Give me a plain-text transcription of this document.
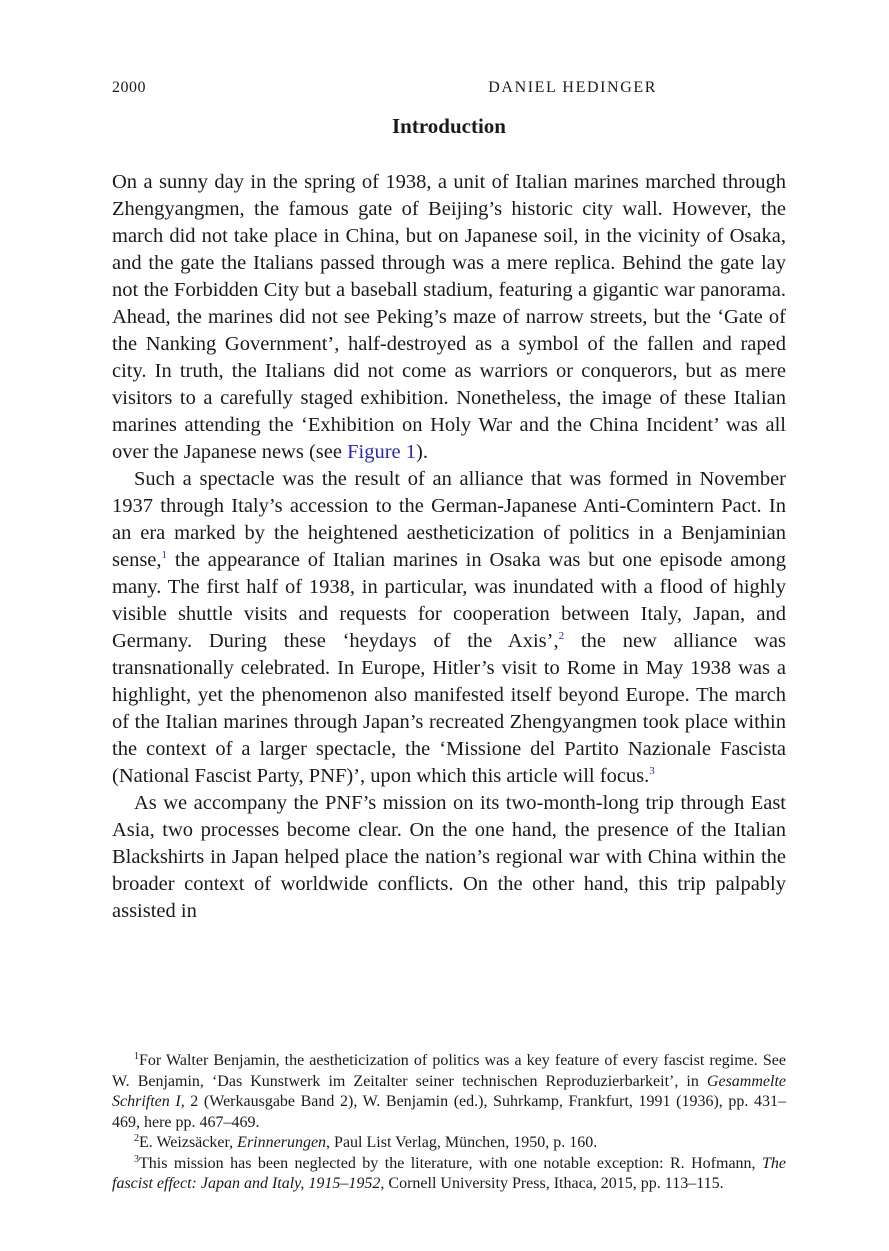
2000	DANIEL HEDINGER
Introduction

On a sunny day in the spring of 1938, a unit of Italian marines marched through Zhengyangmen, the famous gate of Beijing’s historic city wall. However, the march did not take place in China, but on Japanese soil, in the vicinity of Osaka, and the gate the Italians passed through was a mere replica. Behind the gate lay not the Forbidden City but a baseball stadium, featuring a gigantic war panorama. Ahead, the marines did not see Peking’s maze of narrow streets, but the ‘Gate of the Nanking Government’, half-destroyed as a symbol of the fallen and raped city. In truth, the Italians did not come as warriors or conquerors, but as mere visitors to a carefully staged exhibition. Nonetheless, the image of these Italian marines attending the ‘Exhibition on Holy War and the China Incident’ was all over the Japanese news (see Figure 1).

Such a spectacle was the result of an alliance that was formed in November 1937 through Italy’s accession to the German-Japanese Anti-Comintern Pact. In an era marked by the heightened aestheticization of politics in a Benjaminian sense,$^1$ the appearance of Italian marines in Osaka was but one episode among many. The first half of 1938, in particular, was inundated with a flood of highly visible shuttle visits and requests for cooperation between Italy, Japan, and Germany. During these ‘heydays of the Axis’,$^2$ the new alliance was transnationally celebrated. In Europe, Hitler’s visit to Rome in May 1938 was a highlight, yet the phenomenon also manifested itself beyond Europe. The march of the Italian marines through Japan’s recreated Zhengyangmen took place within the context of a larger spectacle, the ‘Missione del Partito Nazionale Fascista (National Fascist Party, PNF)’, upon which this article will focus.$^3$

As we accompany the PNF’s mission on its two-month-long trip through East Asia, two processes become clear. On the one hand, the presence of the Italian Blackshirts in Japan helped place the nation’s regional war with China within the broader context of worldwide conflicts. On the other hand, this trip palpably assisted in

$^1$For Walter Benjamin, the aestheticization of politics was a key feature of every fascist regime. See W. Benjamin, ‘Das Kunstwerk im Zeitalter seiner technischen Reproduzierbarkeit’, in Gesammelte Schriften I, 2 (Werkausgabe Band 2), W. Benjamin (ed.), Suhrkamp, Frankfurt, 1991 (1936), pp. 431–469, here pp. 467–469.

$^2$E. Weizsäcker, Erinnerungen, Paul List Verlag, München, 1950, p. 160.

$^3$This mission has been neglected by the literature, with one notable exception: R. Hofmann, The fascist effect: Japan and Italy, 1915–1952, Cornell University Press, Ithaca, 2015, pp. 113–115.
